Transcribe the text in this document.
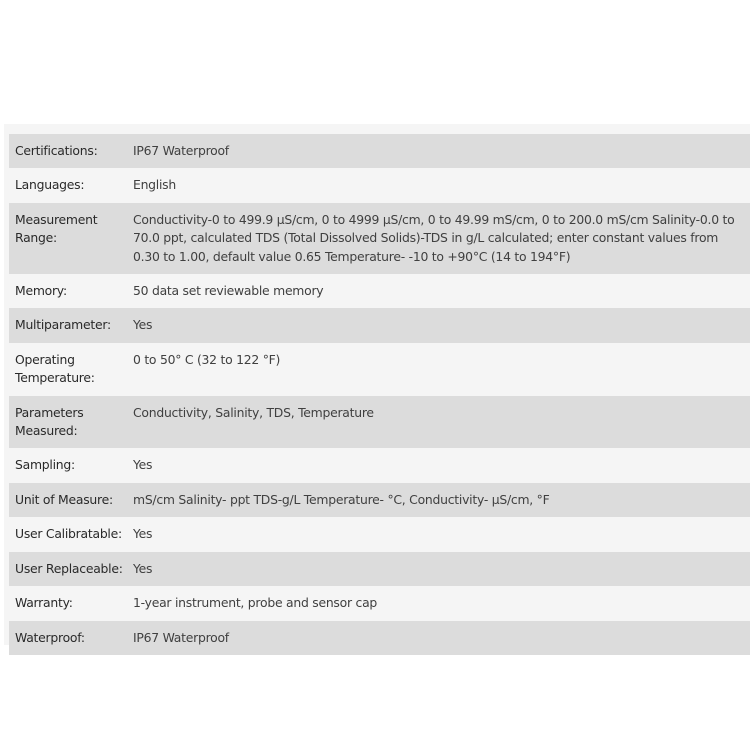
Certifications:	IP67 Waterproof
Languages:	English
Measurement Range:	Conductivity-0 to 499.9 µS/cm, 0 to 4999 µS/cm, 0 to 49.99 mS/cm, 0 to 200.0 mS/cm Salinity-0.0 to 70.0 ppt, calculated TDS (Total Dissolved Solids)-TDS in g/L calculated; enter constant values from 0.30 to 1.00, default value 0.65 Temperature- -10 to +90°C (14 to 194°F)
Memory:	50 data set reviewable memory
Multiparameter:	Yes
Operating Temperature:	0 to 50° C (32 to 122 °F)
Parameters Measured:	Conductivity, Salinity, TDS, Temperature
Sampling:	Yes
Unit of Measure:	mS/cm Salinity- ppt TDS-g/L Temperature- °C, Conductivity- µS/cm, °F
User Calibratable:	Yes
User Replaceable:	Yes
Warranty:	1-year instrument, probe and sensor cap
Waterproof:	IP67 Waterproof
